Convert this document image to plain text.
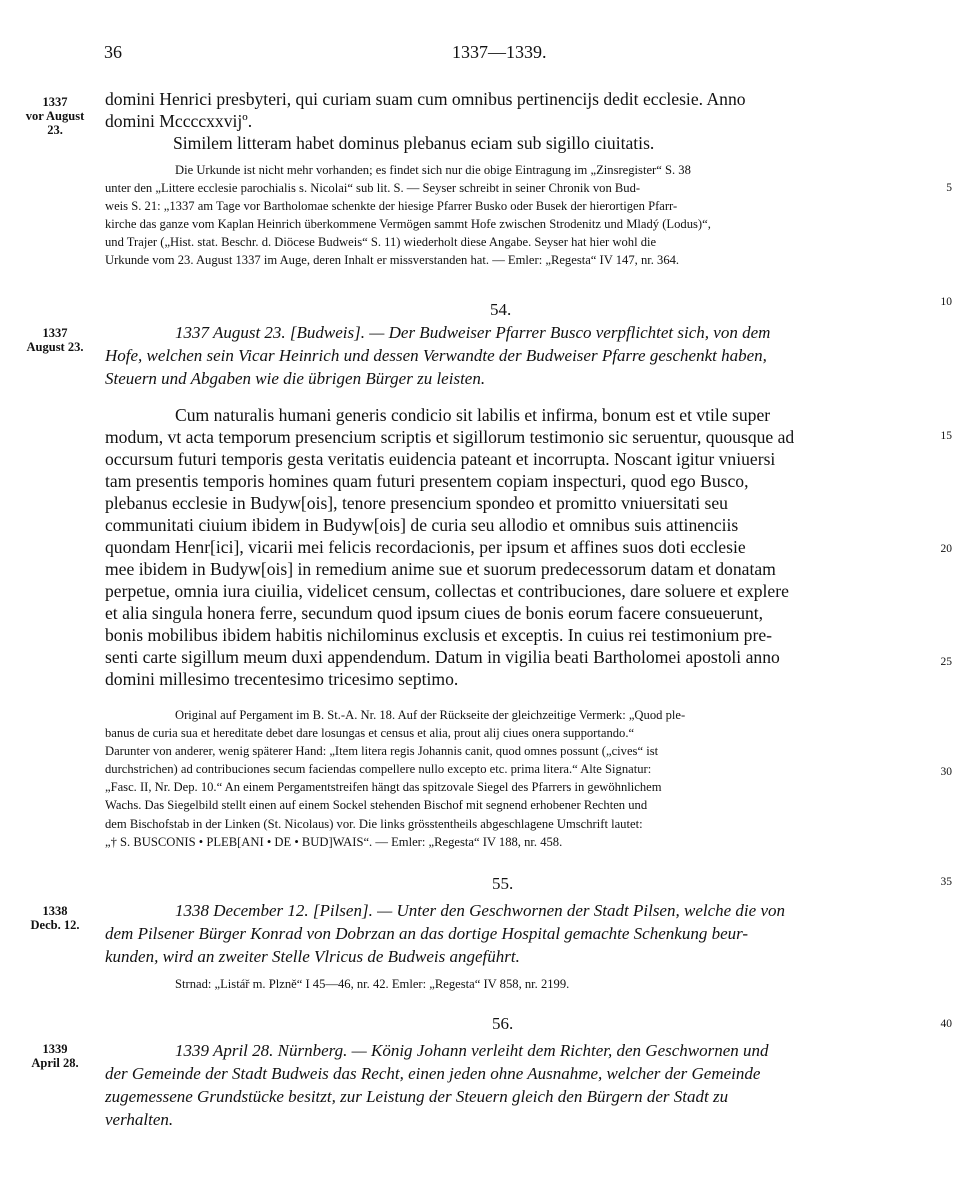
36	1337—1339.
1337
vor August 23.
1337
August 23.
1338
Decb. 12.
1339
April 28.
5
10
15
20
25
30
35
40
domini Henrici presbyteri, qui curiam suam cum omnibus pertinencijs dedit ecclesie. Anno
domini Mccccxxvijº.
Similem litteram habet dominus plebanus eciam sub sigillo ciuitatis.
Die Urkunde ist nicht mehr vorhanden; es findet sich nur die obige Eintragung im „Zinsregister“ S. 38
unter den „Littere ecclesie parochialis s. Nicolai“ sub lit. S. — Seyser schreibt in seiner Chronik von Bud-
weis S. 21: „1337 am Tage vor Bartholomae schenkte der hiesige Pfarrer Busko oder Busek der hierortigen Pfarr-
kirche das ganze vom Kaplan Heinrich überkommene Vermögen sammt Hofe zwischen Strodenitz und Mladý (Lodus)“,
und Trajer („Hist. stat. Beschr. d. Diöcese Budweis“ S. 11) wiederholt diese Angabe. Seyser hat hier wohl die
Urkunde vom 23. August 1337 im Auge, deren Inhalt er missverstanden hat. — Emler: „Regesta“ IV 147, nr. 364.
54.
1337 August 23. [Budweis]. — Der Budweiser Pfarrer Busco verpflichtet sich, von dem
Hofe, welchen sein Vicar Heinrich und dessen Verwandte der Budweiser Pfarre geschenkt haben,
Steuern und Abgaben wie die übrigen Bürger zu leisten.
Cum naturalis humani generis condicio sit labilis et infirma, bonum est et vtile super
modum, vt acta temporum presencium scriptis et sigillorum testimonio sic seruentur, quousque ad
occursum futuri temporis gesta veritatis euidencia pateant et incorrupta. Noscant igitur vniuersi
tam presentis temporis homines quam futuri presentem copiam inspecturi, quod ego Busco,
plebanus ecclesie in Budyw[ois], tenore presencium spondeo et promitto vniuersitati seu
communitati ciuium ibidem in Budyw[ois] de curia seu allodio et omnibus suis attinenciis
quondam Henr[ici], vicarii mei felicis recordacionis, per ipsum et affines suos doti ecclesie
mee ibidem in Budyw[ois] in remedium anime sue et suorum predecessorum datam et donatam
perpetue, omnia iura ciuilia, videlicet censum, collectas et contribuciones, dare soluere et explere
et alia singula honera ferre, secundum quod ipsum ciues de bonis eorum facere consueuerunt,
bonis mobilibus ibidem habitis nichilominus exclusis et exceptis. In cuius rei testimonium pre-
senti carte sigillum meum duxi appendendum. Datum in vigilia beati Bartholomei apostoli anno
domini millesimo trecentesimo tricesimo septimo.
Original auf Pergament im B. St.-A. Nr. 18. Auf der Rückseite der gleichzeitige Vermerk: „Quod ple-
banus de curia sua et hereditate debet dare losungas et census et alia, prout alij ciues onera supportando.“
Darunter von anderer, wenig späterer Hand: „Item litera regis Johannis canit, quod omnes possunt („cives“ ist
durchstrichen) ad contribuciones secum faciendas compellere nullo excepto etc. prima litera.“ Alte Signatur:
„Fasc. II, Nr. Dep. 10.“ An einem Pergamentstreifen hängt das spitzovale Siegel des Pfarrers in gewöhnlichem
Wachs. Das Siegelbild stellt einen auf einem Sockel stehenden Bischof mit segnend erhobener Rechten und
dem Bischofstab in der Linken (St. Nicolaus) vor. Die links grösstentheils abgeschlagene Umschrift lautet:
„† S. BUSCONIS • PLEB[ANI • DE • BUD]WAIS“. — Emler: „Regesta“ IV 188, nr. 458.
55.
1338 December 12. [Pilsen]. — Unter den Geschwornen der Stadt Pilsen, welche die von
dem Pilsener Bürger Konrad von Dobrzan an das dortige Hospital gemachte Schenkung beur-
kunden, wird an zweiter Stelle Vlricus de Budweis angeführt.
Strnad: „Listář m. Plzně“ I 45—46, nr. 42. Emler: „Regesta“ IV 858, nr. 2199.
56.
1339 April 28. Nürnberg. — König Johann verleiht dem Richter, den Geschwornen und
der Gemeinde der Stadt Budweis das Recht, einen jeden ohne Ausnahme, welcher der Gemeinde
zugemessene Grundstücke besitzt, zur Leistung der Steuern gleich den Bürgern der Stadt zu
verhalten.
